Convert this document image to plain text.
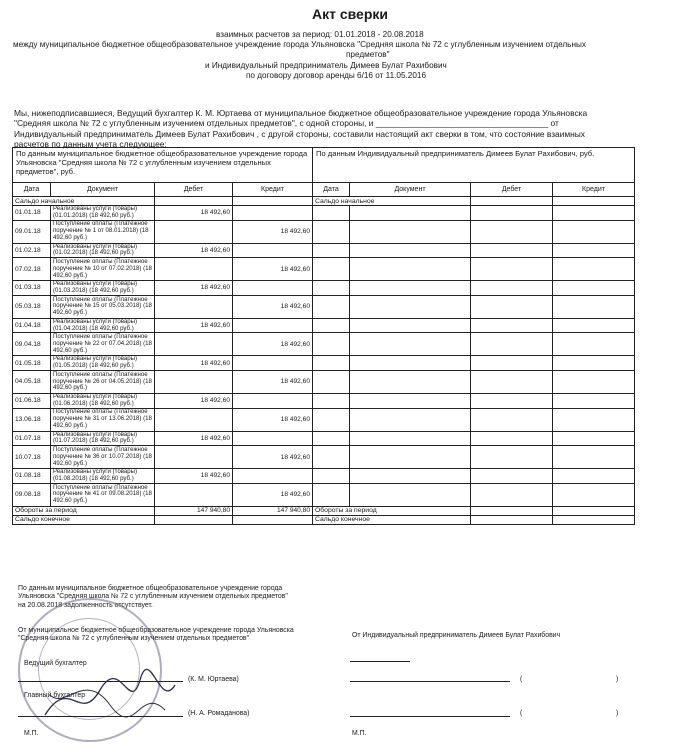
Акт сверки
взаимных расчетов за период: 01.01.2018 - 20.08.2018
между муниципальное бюджетное общеобразовательное учреждение города Ульяновска "Средняя школа № 72 с углубленным изучением отдельных
предметов"
и Индивидуальный предприниматель Димеев Булат Рахибович
по договору договор аренды 6/16 от 11.05.2016
Мы, нижеподписавшиеся, Ведущий бухгалтер К. М. Юртаева от муниципальное бюджетное общеобразовательное учреждение города Ульяновска
"Средняя школа № 72 с углубленным изучением отдельных предметов", с одной стороны, и _____________________________________ от
Индивидуальный предприниматель Димеев Булат Рахибович , с другой стороны, составили настоящий акт сверки в том, что состояние взаимных
расчетов по данным учета следующее:
По данным муниципальное бюджетное общеобразовательное учреждение города Ульяновска "Средняя школа № 72 с углубленным изучением отдельных предметов", руб.				По данным Индивидуальный предприниматель Димеев Булат Рахибович, руб.			
Дата	Документ	Дебет	Кредит	Дата	Документ	Дебет	Кредит
Сальдо начальное				Сальдо начальное			
01.01.18	Реализованы услуги (товары) (01.01.2018) (18 492,60 руб.)	18 492,60					
09.01.18	Поступление оплаты (Платежное поручение № 1 от 08.01.2018) (18 492,60 руб.)		18 492,60				
01.02.18	Реализованы услуги (товары) (01.02.2018) (18 492,60 руб.)	18 492,60					
07.02.18	Поступление оплаты (Платежное поручение № 10 от 07.02.2018) (18 492,60 руб.)		18 492,60				
01.03.18	Реализованы услуги (товары) (01.03.2018) (18 492,60 руб.)	18 492,60					
05.03.18	Поступление оплаты (Платежное поручение № 15 от 05.03.2018) (18 492,60 руб.)		18 492,60				
01.04.18	Реализованы услуги (товары) (01.04.2018) (18 492,60 руб.)	18 492,60					
09.04.18	Поступление оплаты (Платежное поручение № 22 от 07.04.2018) (18 492,60 руб.)		18 492,60				
01.05.18	Реализованы услуги (товары) (01.05.2018) (18 492,60 руб.)	18 492,60					
04.05.18	Поступление оплаты (Платежное поручение № 26 от 04.05.2018) (18 492,60 руб.)		18 492,60				
01.06.18	Реализованы услуги (товары) (01.06.2018) (18 492,60 руб.)	18 492,60					
13.06.18	Поступление оплаты (Платежное поручение № 31 от 13.06.2018) (18 492,60 руб.)		18 492,60				
01.07.18	Реализованы услуги (товары) (01.07.2018) (18 492,60 руб.)	18 492,60					
10.07.18	Поступление оплаты (Платежное поручение № 36 от 10.07.2018) (18 492,60 руб.)		18 492,60				
01.08.18	Реализованы услуги (товары) (01.08.2018) (18 492,60 руб.)	18 492,60					
09.08.18	Поступление оплаты (Платежное поручение № 41 от 09.08.2018) (18 492,60 руб.)		18 492,60				
Обороты за период		147 940,80	147 940,80	Обороты за период			
Сальдо конечное				Сальдо конечное			
По данным муниципальное бюджетное общеобразовательное учреждение города
Ульяновска "Средняя школа № 72 с углубленным изучением отдельных предметов"
на 20.08.2018 задолженность отсутствует.
От муниципальное бюджетное общеобразовательное учреждение города Ульяновска
"Средняя школа № 72 с углубленным изучением отдельных предметов"
Ведущий бухгалтер
(К. М. Юртаева)
Главный бухгалтер
(Н. А. Ромаданова)
М.П.
От Индивидуальный предприниматель Димеев Булат Рахибович
(	)
(	)
М.П.
